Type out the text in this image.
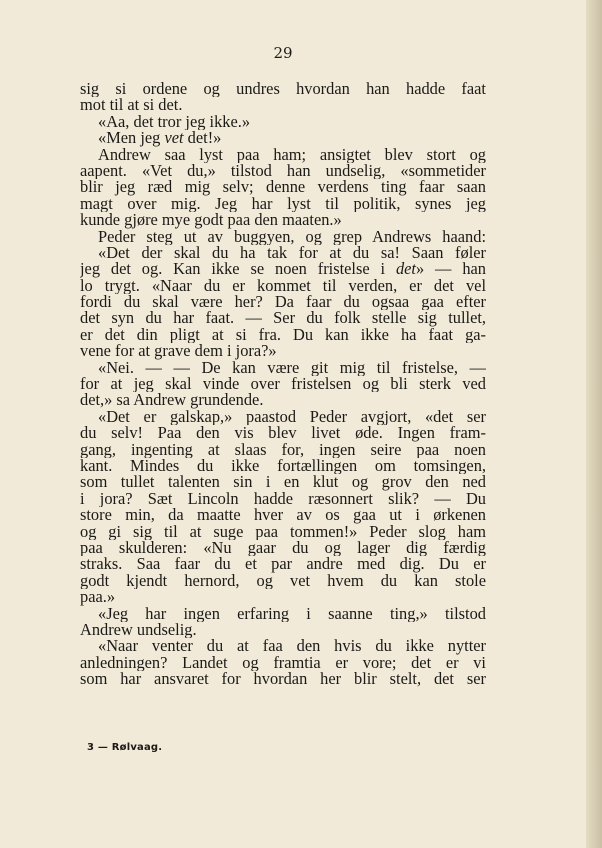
29
sig si ordene og undres hvordan han hadde faat
mot til at si det.
«Aa, det tror jeg ikke.»
«Men jeg vet det!»
Andrew saa lyst paa ham; ansigtet blev stort og
aapent. «Vet du,» tilstod han undselig, «sommetider
blir jeg ræd mig selv; denne verdens ting faar saan
magt over mig. Jeg har lyst til politik, synes jeg
kunde gjøre mye godt paa den maaten.»
Peder steg ut av buggyen, og grep Andrews haand:
«Det der skal du ha tak for at du sa! Saan føler
jeg det og. Kan ikke se noen fristelse i det» — han
lo trygt. «Naar du er kommet til verden, er det vel
fordi du skal være her? Da faar du ogsaa gaa efter
det syn du har faat. — Ser du folk stelle sig tullet,
er det din pligt at si fra. Du kan ikke ha faat ga-
vene for at grave dem i jora?»
«Nei. — — De kan være git mig til fristelse, —
for at jeg skal vinde over fristelsen og bli sterk ved
det,» sa Andrew grundende.
«Det er galskap,» paastod Peder avgjort, «det ser
du selv! Paa den vis blev livet øde. Ingen fram-
gang, ingenting at slaas for, ingen seire paa noen
kant. Mindes du ikke fortællingen om tomsingen,
som tullet talenten sin i en klut og grov den ned
i jora? Sæt Lincoln hadde ræsonnert slik? — Du
store min, da maatte hver av os gaa ut i ørkenen
og gi sig til at suge paa tommen!» Peder slog ham
paa skulderen: «Nu gaar du og lager dig færdig
straks. Saa faar du et par andre med dig. Du er
godt kjendt hernord, og vet hvem du kan stole
paa.»
«Jeg har ingen erfaring i saanne ting,» tilstod
Andrew undselig.
«Naar venter du at faa den hvis du ikke nytter
anledningen? Landet og framtia er vore; det er vi
som har ansvaret for hvordan her blir stelt, det ser
3 — Rølvaag.
